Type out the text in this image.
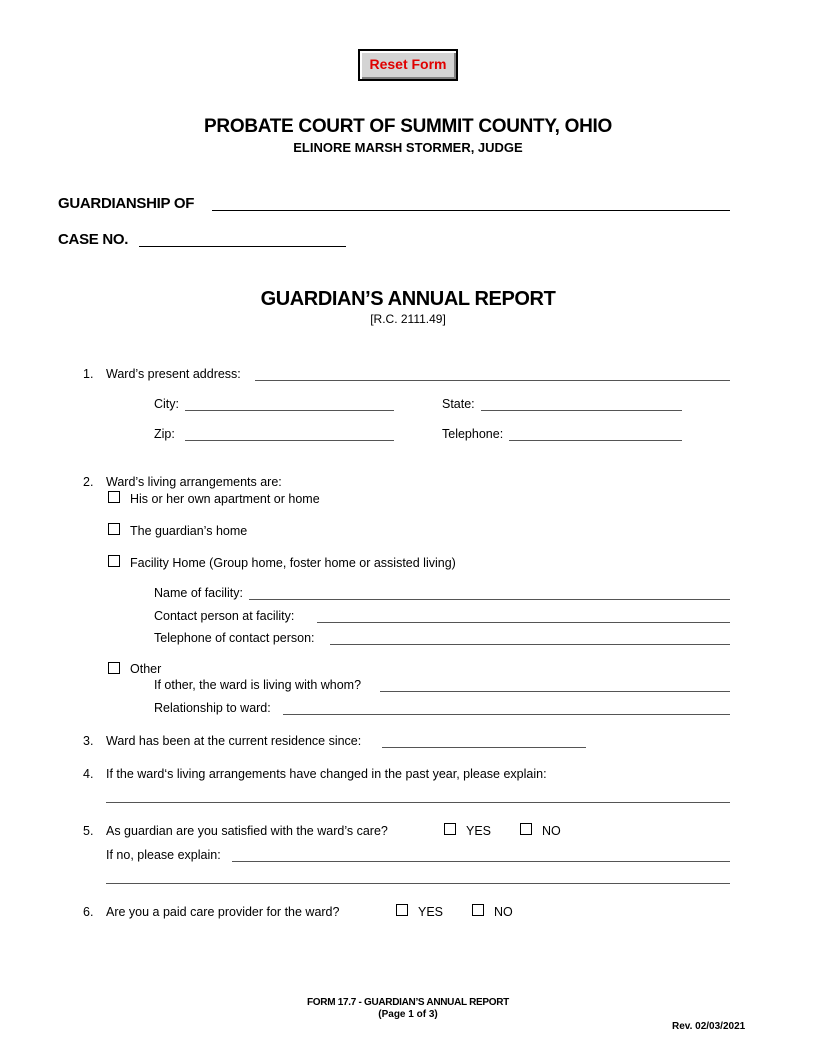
Reset Form
PROBATE COURT OF SUMMIT COUNTY, OHIO
ELINORE MARSH STORMER, JUDGE
GUARDIANSHIP OF
CASE NO.
GUARDIAN’S ANNUAL REPORT
[R.C. 2111.49]
1. Ward’s present address:
City:	State:
Zip:	Telephone:
2. Ward’s living arrangements are:
His or her own apartment or home
The guardian’s home
Facility Home (Group home, foster home or assisted living)
Name of facility:
Contact person at facility:
Telephone of contact person:
Other
If other, the ward is living with whom?
Relationship to ward:
3. Ward has been at the current residence since:
4. If the ward‘s living arrangements have changed in the past year, please explain:
5. As guardian are you satisfied with the ward’s care?	YES	NO
If no, please explain:
6. Are you a paid care provider for the ward?	YES	NO
FORM 17.7 - GUARDIAN’S ANNUAL REPORT
(Page 1 of 3)
Rev. 02/03/2021
